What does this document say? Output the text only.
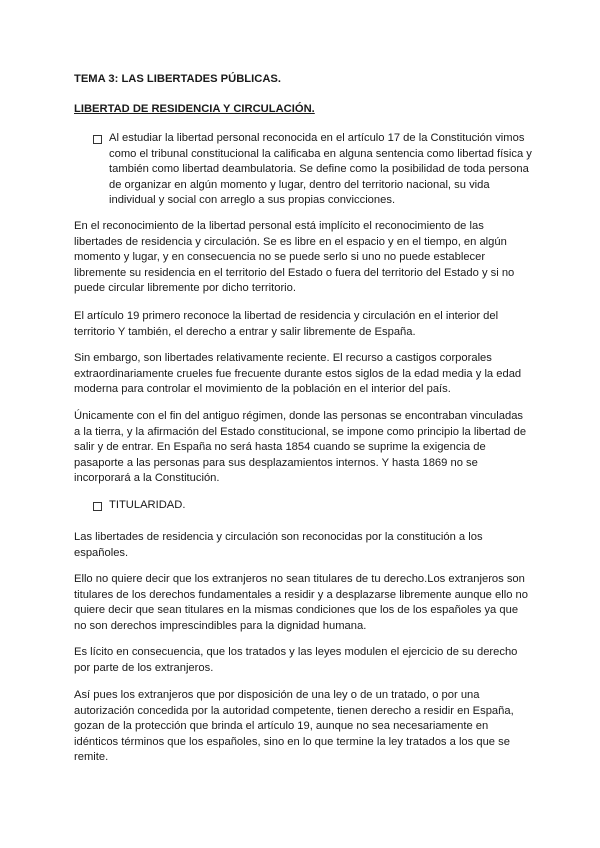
TEMA 3: LAS LIBERTADES PÚBLICAS.

LIBERTAD DE RESIDENCIA Y CIRCULACIÓN.

Al estudiar la libertad personal reconocida en el artículo 17 de la Constitución vimos como el tribunal constitucional la calificaba en alguna sentencia como libertad física y también como libertad deambulatoria. Se define como la posibilidad de toda persona de organizar en algún momento y lugar, dentro del territorio nacional, su vida individual y social con arreglo a sus propias convicciones.

En el reconocimiento de la libertad personal está implícito el reconocimiento de las libertades de residencia y circulación. Se es libre en el espacio y en el tiempo, en algún momento y lugar, y en consecuencia no se puede serlo si uno no puede establecer libremente su residencia en el territorio del Estado o fuera del territorio del Estado y si no puede circular libremente por dicho territorio.

El artículo 19 primero reconoce la libertad de residencia y circulación en el interior del territorio Y también, el derecho a entrar y salir libremente de España.

Sin embargo, son libertades relativamente reciente. El recurso a castigos corporales extraordinariamente crueles fue frecuente durante estos siglos de la edad media y la edad moderna para controlar el movimiento de la población en el interior del país.

Únicamente con el fin del antiguo régimen, donde las personas se encontraban vinculadas a la tierra, y la afirmación del Estado constitucional, se impone como principio la libertad de salir y de entrar. En España no será hasta 1854 cuando se suprime la exigencia de pasaporte a las personas para sus desplazamientos internos. Y hasta 1869 no se incorporará a la Constitución.

TITULARIDAD.

Las libertades de residencia y circulación son reconocidas por la constitución a los españoles.

Ello no quiere decir que los extranjeros no sean titulares de tu derecho.Los extranjeros son titulares de los derechos fundamentales a residir y a desplazarse libremente aunque ello no quiere decir que sean titulares en la mismas condiciones que los de los españoles ya que no son derechos imprescindibles para la dignidad humana.

Es lícito en consecuencia, que los tratados y las leyes modulen el ejercicio de su derecho por parte de los extranjeros.

Así pues los extranjeros que por disposición de una ley o de un tratado, o por una autorización concedida por la autoridad competente, tienen derecho a residir en España, gozan de la protección que brinda el artículo 19, aunque no sea necesariamente en idénticos términos que los españoles, sino en lo que termine la ley tratados a los que se remite.
